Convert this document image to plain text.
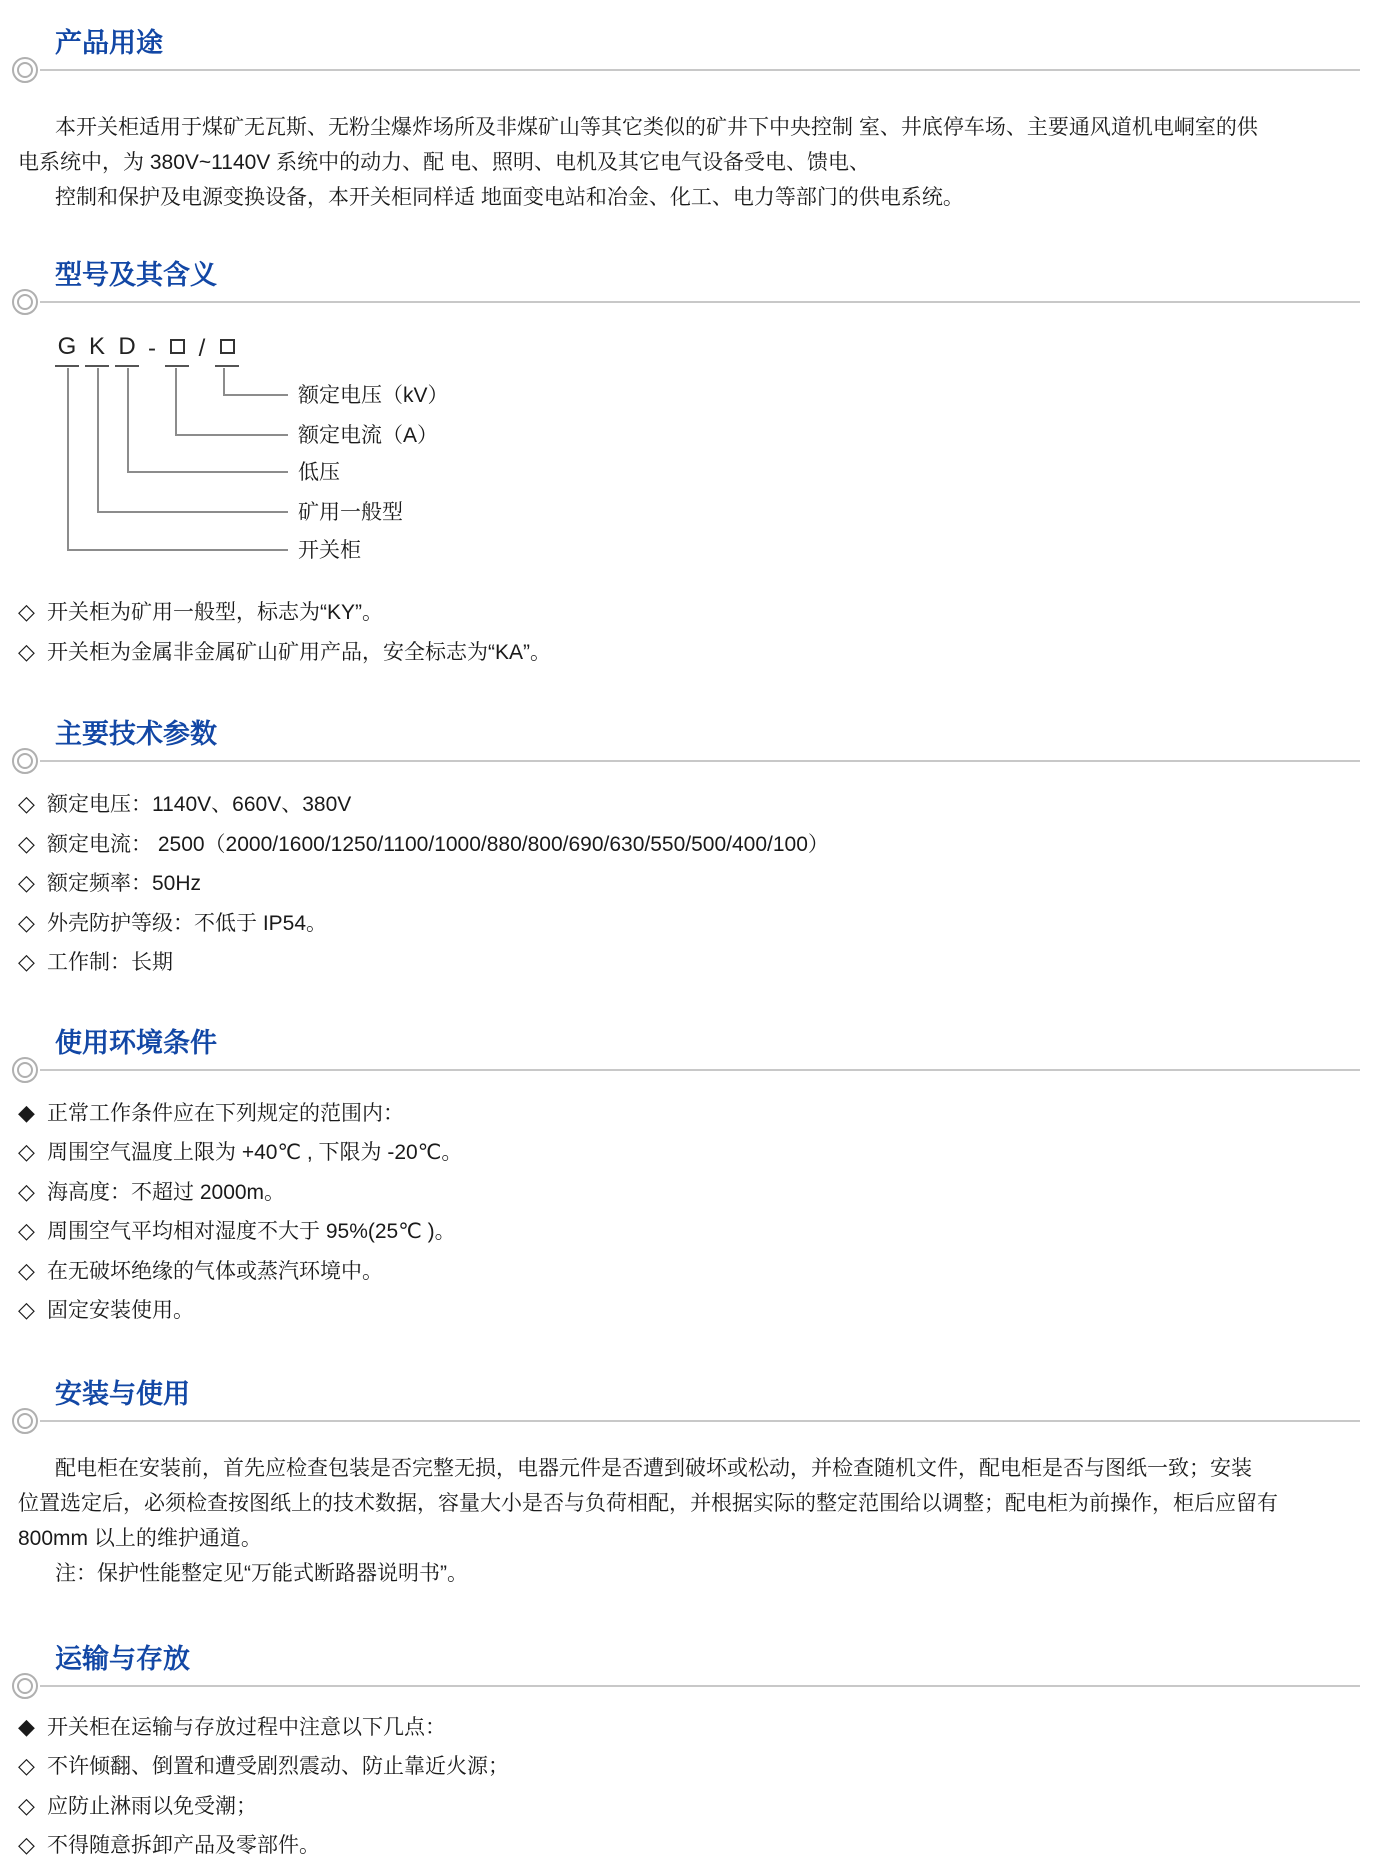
产品用途
本开关柜适用于煤矿无瓦斯、无粉尘爆炸场所及非煤矿山等其它类似的矿井下中央控制 室、井底停车场、主要通风道机电峒室的供
电系统中，为 380V~1140V 系统中的动力、配 电、照明、电机及其它电气设备受电、馈电、
控制和保护及电源变换设备，本开关柜同样适 地面变电站和冶金、化工、电力等部门的供电系统。
型号及其含义
G K D - /
额定电压（kV）
额定电流（A）
低压
矿用一般型
开关柜
◇ 开关柜为矿用一般型，标志为“KY”。
◇ 开关柜为金属非金属矿山矿用产品，安全标志为“KA”。
主要技术参数
◇ 额定电压：1140V、660V、380V
◇ 额定电流： 2500（2000/1600/1250/1100/1000/880/800/690/630/550/500/400/100）
◇ 额定频率：50Hz
◇ 外壳防护等级：不低于 IP54。
◇ 工作制：长期
使用环境条件
◆ 正常工作条件应在下列规定的范围内：
◇ 周围空气温度上限为 +40℃ , 下限为 -20℃。
◇ 海高度：不超过 2000m。
◇ 周围空气平均相对湿度不大于 95%(25℃ )。
◇ 在无破坏绝缘的气体或蒸汽环境中。
◇ 固定安装使用。
安装与使用
配电柜在安装前，首先应检查包装是否完整无损，电器元件是否遭到破坏或松动，并检查随机文件，配电柜是否与图纸一致；安装
位置选定后，必须检查按图纸上的技术数据，容量大小是否与负荷相配，并根据实际的整定范围给以调整；配电柜为前操作，柜后应留有
800mm 以上的维护通道。
注：保护性能整定见“万能式断路器说明书”。
运输与存放
◆ 开关柜在运输与存放过程中注意以下几点：
◇ 不许倾翻、倒置和遭受剧烈震动、防止靠近火源；
◇ 应防止淋雨以免受潮；
◇ 不得随意拆卸产品及零部件。
